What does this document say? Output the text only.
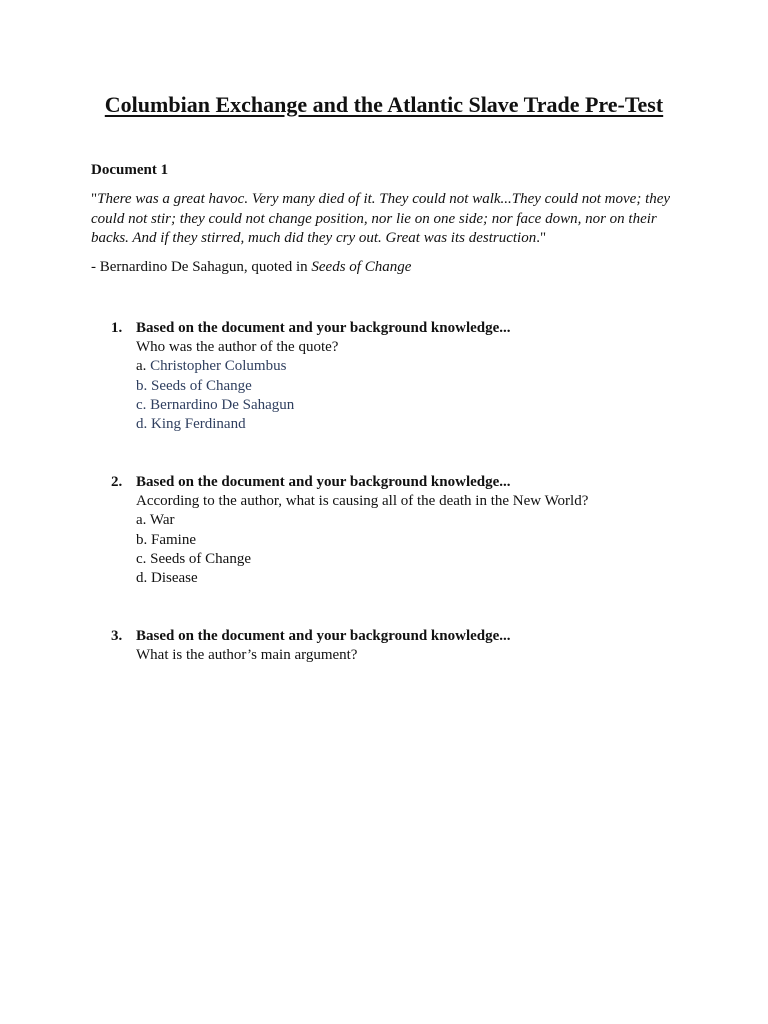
Columbian Exchange and the Atlantic Slave Trade Pre-Test

Document 1

"There was a great havoc. Very many died of it. They could not walk...They could not move; they could not stir; they could not change position, nor lie on one side; nor face down, nor on their backs. And if they stirred, much did they cry out. Great was its destruction."

- Bernardino De Sahagun, quoted in Seeds of Change

1. Based on the document and your background knowledge...
Who was the author of the quote?
a. Christopher Columbus
b. Seeds of Change
c. Bernardino De Sahagun
d. King Ferdinand
2. Based on the document and your background knowledge...
According to the author, what is causing all of the death in the New World?
a. War
b. Famine
c. Seeds of Change
d. Disease
3. Based on the document and your background knowledge...
What is the author’s main argument?
